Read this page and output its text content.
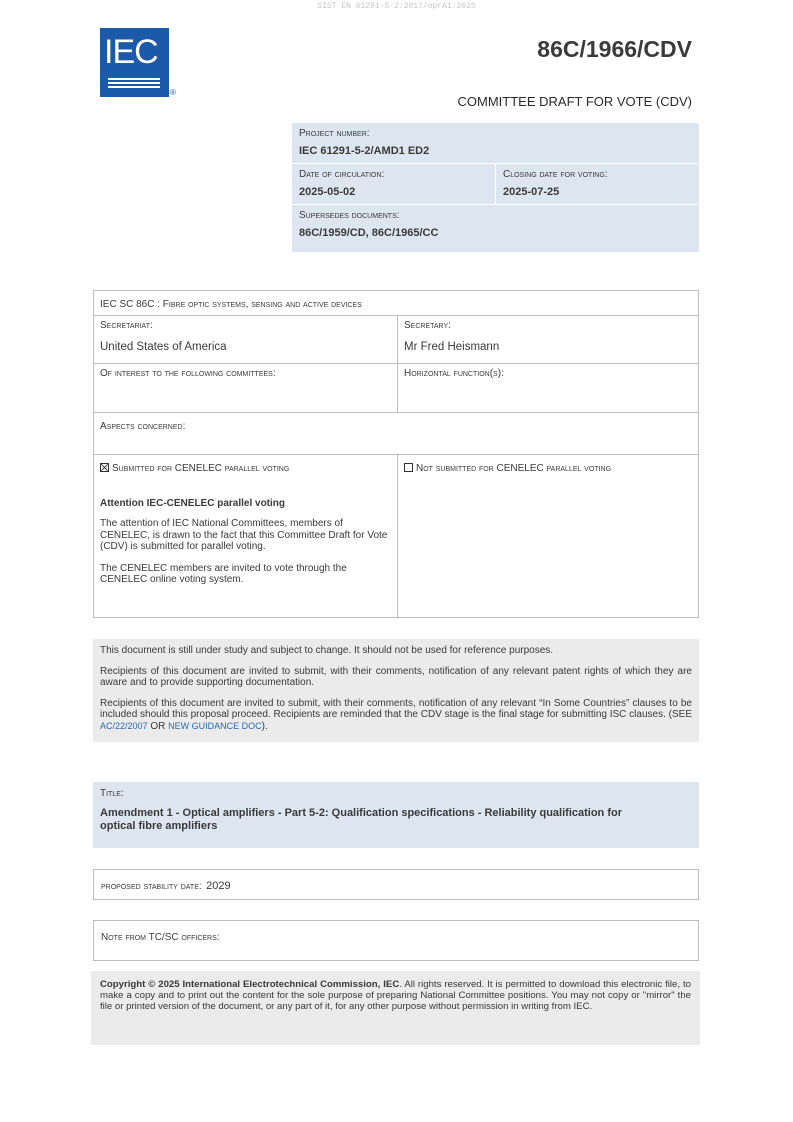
SIST EN 61291-5-2:2017/oprA1:2025
IEC
®
86C/1966/CDV
COMMITTEE DRAFT FOR VOTE (CDV)
Project number:
IEC 61291-5-2/AMD1 ED2
Date of circulation:
2025-05-02
Closing date for voting:
2025-07-25
Supersedes documents:
86C/1959/CD, 86C/1965/CC
IEC SC 86C : Fibre optic systems, sensing and active devices
Secretariat:
United States of America
Secretary:
Mr Fred Heismann
Of interest to the following committees:	Horizontal function(s):
Aspects concerned:
Submitted for CENELEC parallel voting
Attention IEC-CENELEC parallel voting
The attention of IEC National Committees, members of CENELEC, is drawn to the fact that this Committee Draft for Vote (CDV) is submitted for parallel voting.
The CENELEC members are invited to vote through the CENELEC online voting system.
Not submitted for CENELEC parallel voting

This document is still under study and subject to change. It should not be used for reference purposes.

Recipients of this document are invited to submit, with their comments, notification of any relevant patent rights of which they are aware and to provide supporting documentation.

Recipients of this document are invited to submit, with their comments, notification of any relevant “In Some Countries” clauses to be included should this proposal proceed. Recipients are reminded that the CDV stage is the final stage for submitting ISC clauses. (SEE AC/22/2007 OR NEW GUIDANCE DOC).

Title:
Amendment 1 - Optical amplifiers - Part 5-2: Qualification specifications - Reliability qualification for optical fibre amplifiers
proposed stability date: 2029
Note from TC/SC officers:

Copyright © 2025 International Electrotechnical Commission, IEC. All rights reserved. It is permitted to download this electronic file, to make a copy and to print out the content for the sole purpose of preparing National Committee positions. You may not copy or "mirror" the file or printed version of the document, or any part of it, for any other purpose without permission in writing from IEC.
